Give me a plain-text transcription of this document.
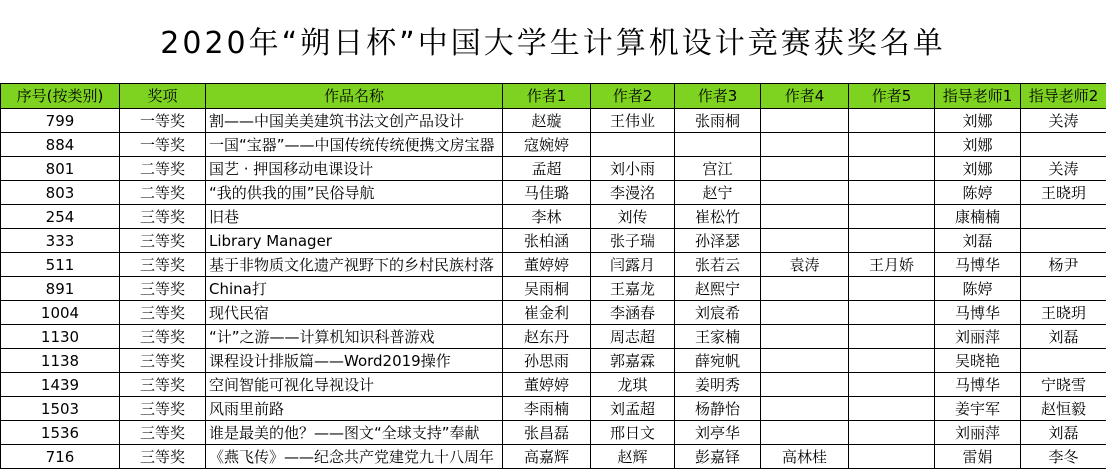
2020年“朔日杯”中国大学生计算机设计竞赛获奖名单
序号(按类别)	奖项	作品名称	作者1	作者2	作者3	作者4	作者5	指导老师1	指导老师2
799	一等奖	割——中国美美建筑书法文创产品设计	赵璇	王伟业	张雨桐			刘娜	关涛
884	一等奖	一国“宝器”——中国传统传统便携文房宝器	寇婉婷					刘娜	
801	二等奖	国艺 · 押国移动电课设计	孟超	刘小雨	宫江			刘娜	关涛
803	二等奖	“我的供我的围”民俗导航	马佳璐	李漫洺	赵宁			陈婷	王晓玥
254	三等奖	旧巷	李林	刘传	崔松竹			康楠楠	
333	三等奖	Library Manager	张柏涵	张子瑞	孙泽瑟			刘磊	
511	三等奖	基于非物质文化遗产视野下的乡村民族村落	董婷婷	闫露月	张若云	袁涛	王月娇	马博华	杨尹
891	三等奖	China打	吴雨桐	王嘉龙	赵熙宁			陈婷	
1004	三等奖	现代民宿	崔金利	李涵春	刘宸希			马博华	王晓玥
1130	三等奖	“计”之游——计算机知识科普游戏	赵东丹	周志超	王家楠			刘丽萍	刘磊
1138	三等奖	课程设计排版篇——Word2019操作	孙思雨	郭嘉霖	薛宛帆			吴晓艳	
1439	三等奖	空间智能可视化导视设计	董婷婷	龙琪	姜明秀			马博华	宁晓雪
1503	三等奖	风雨里前路	李雨楠	刘孟超	杨静怡			姜宇军	赵恒毅
1536	三等奖	谁是最美的他？——图文“全球支持”奉献	张昌磊	邢日文	刘亭华			刘丽萍	刘磊
716	三等奖	《燕飞传》——纪念共产党建党九十八周年	高嘉辉	赵辉	彭嘉铎	高林桂		雷娟	李冬
